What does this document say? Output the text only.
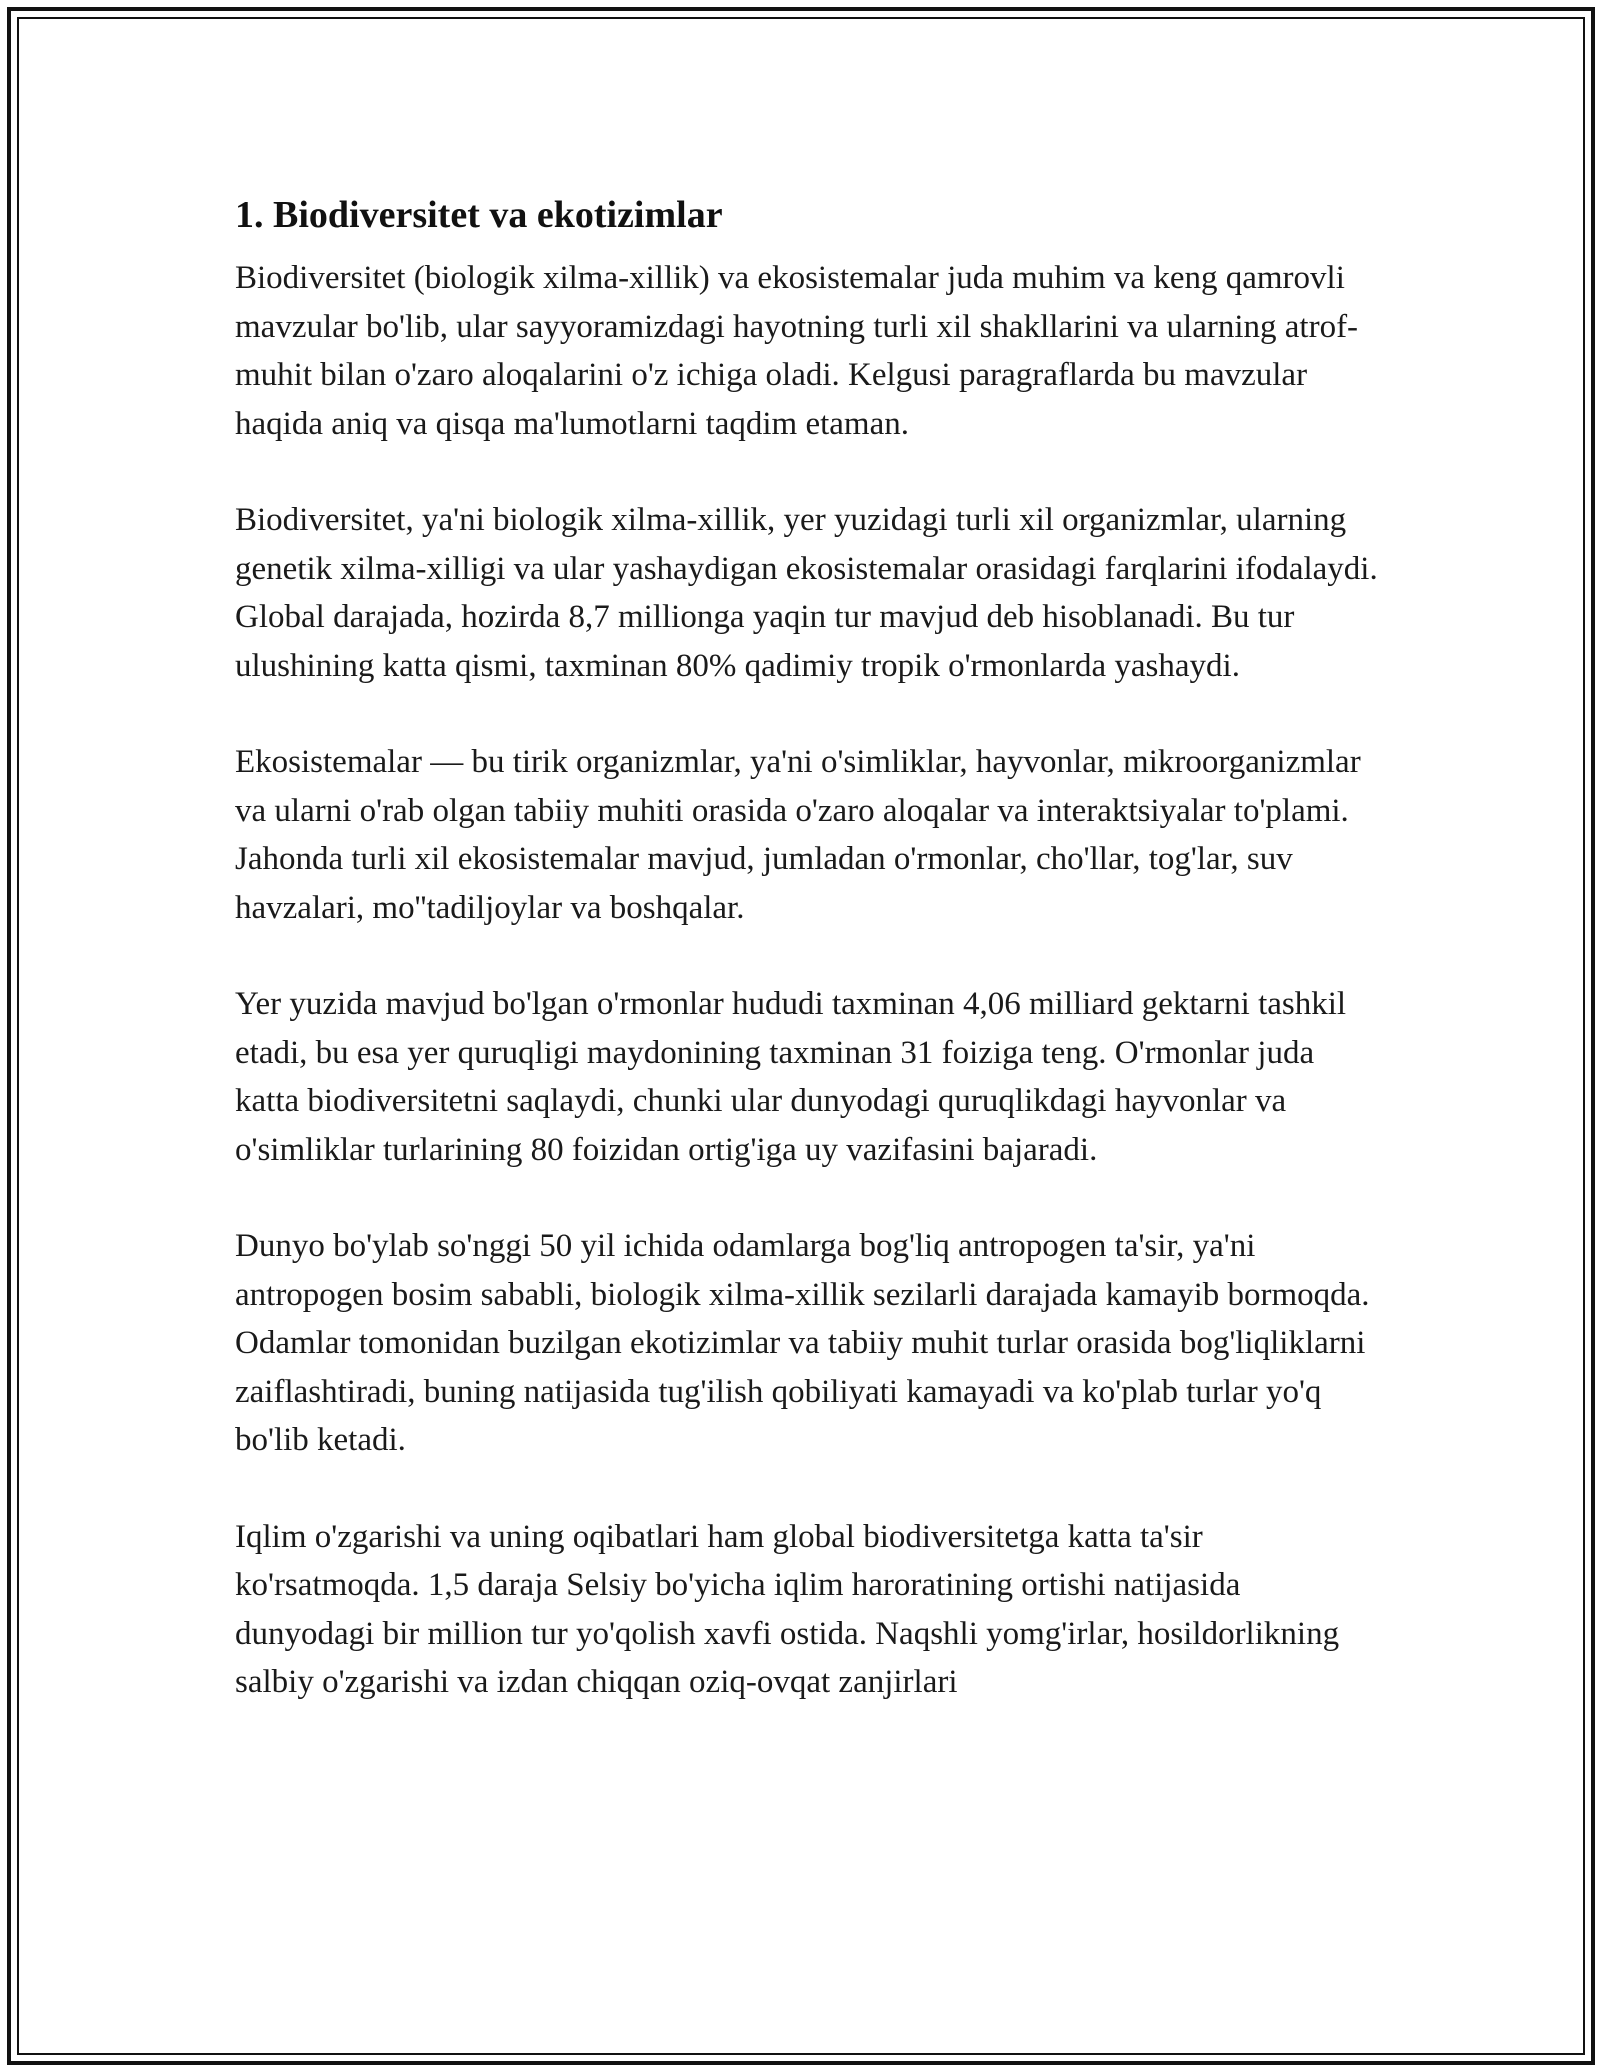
1. Biodiversitet va ekotizimlar

Biodiversitet (biologik xilma-xillik) va ekosistemalar juda muhim va keng qamrovli mavzular bo'lib, ular sayyoramizdagi hayotning turli xil shakllarini va ularning atrof-muhit bilan o'zaro aloqalarini o'z ichiga oladi. Kelgusi paragraflarda bu mavzular haqida aniq va qisqa ma'lumotlarni taqdim etaman.

Biodiversitet, ya'ni biologik xilma-xillik, yer yuzidagi turli xil organizmlar, ularning genetik xilma-xilligi va ular yashaydigan ekosistemalar orasidagi farqlarini ifodalaydi. Global darajada, hozirda 8,7 millionga yaqin tur mavjud deb hisoblanadi. Bu tur ulushining katta qismi, taxminan 80% qadimiy tropik o'rmonlarda yashaydi.

Ekosistemalar — bu tirik organizmlar, ya'ni o'simliklar, hayvonlar, mikroorganizmlar va ularni o'rab olgan tabiiy muhiti orasida o'zaro aloqalar va interaktsiyalar to'plami. Jahonda turli xil ekosistemalar mavjud, jumladan o'rmonlar, cho'llar, tog'lar, suv havzalari, mo''tadiljoylar va boshqalar.

Yer yuzida mavjud bo'lgan o'rmonlar hududi taxminan 4,06 milliard gektarni tashkil etadi, bu esa yer quruqligi maydonining taxminan 31 foiziga teng. O'rmonlar juda katta biodiversitetni saqlaydi, chunki ular dunyodagi quruqlikdagi hayvonlar va o'simliklar turlarining 80 foizidan ortig'iga uy vazifasini bajaradi.

Dunyo bo'ylab so'nggi 50 yil ichida odamlarga bog'liq antropogen ta'sir, ya'ni antropogen bosim sababli, biologik xilma-xillik sezilarli darajada kamayib bormoqda. Odamlar tomonidan buzilgan ekotizimlar va tabiiy muhit turlar orasida bog'liqliklarni zaiflashtiradi, buning natijasida tug'ilish qobiliyati kamayadi va ko'plab turlar yo'q bo'lib ketadi.

Iqlim o'zgarishi va uning oqibatlari ham global biodiversitetga katta ta'sir ko'rsatmoqda. 1,5 daraja Selsiy bo'yicha iqlim haroratining ortishi natijasida dunyodagi bir million tur yo'qolish xavfi ostida. Naqshli yomg'irlar, hosildorlikning salbiy o'zgarishi va izdan chiqqan oziq-ovqat zanjirlari
